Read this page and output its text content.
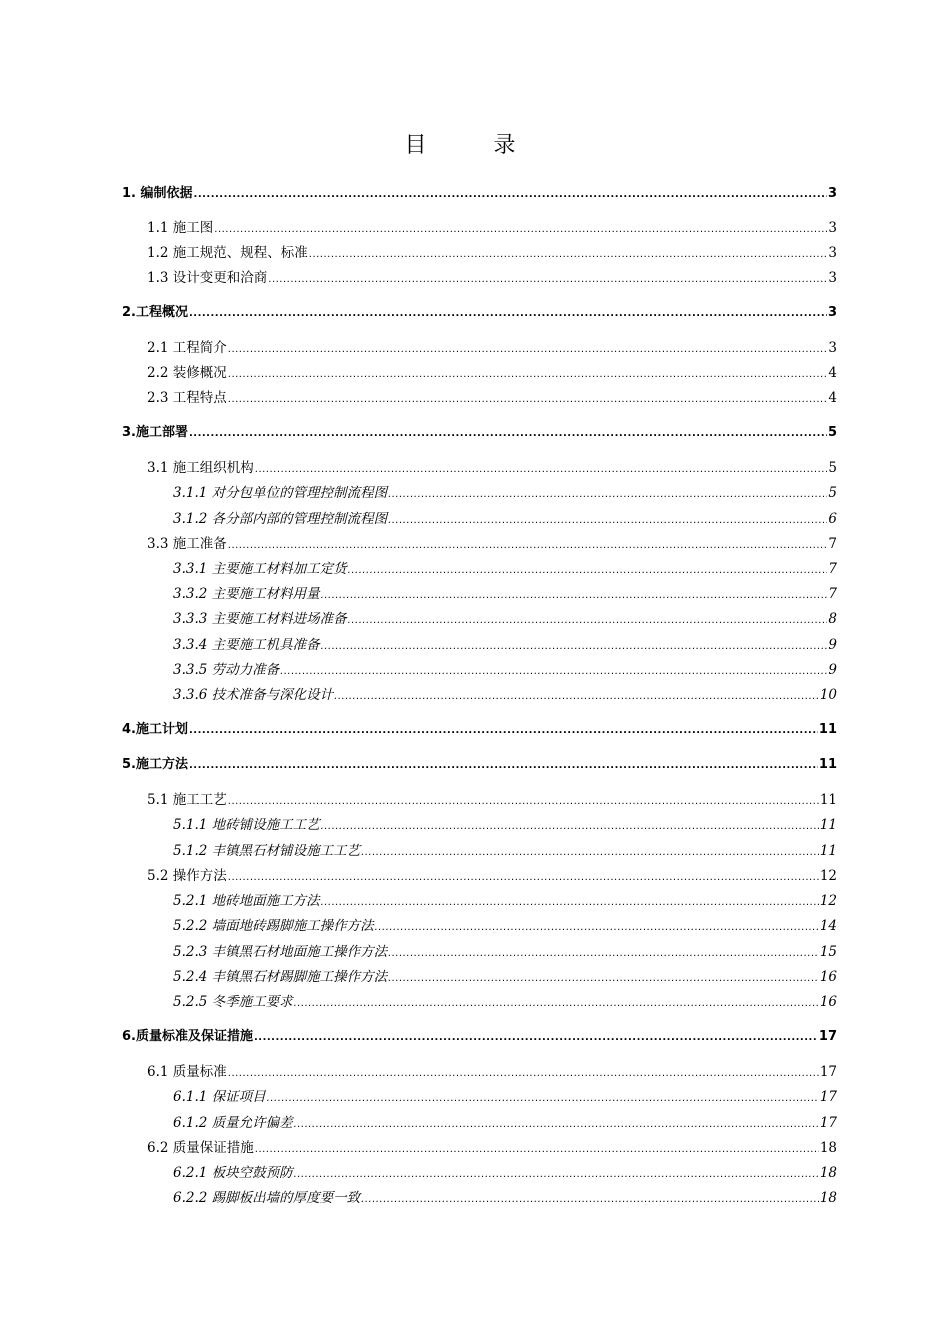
目 录
1. 编制依据 .....	3
1.1 施工图 .....	3
1.2 施工规范、规程、标准 .....	3
1.3 设计变更和洽商 .....	3
2.工程概况 .....	3
2.1 工程简介 .....	3
2.2 装修概况 .....	4
2.3 工程特点 .....	4
3.施工部署 .....	5
3.1 施工组织机构 .....	5
3.1.1 对分包单位的管理控制流程图 .....	5
3.1.2 各分部内部的管理控制流程图 .....	6
3.3 施工准备 .....	7
3.3.1 主要施工材料加工定货 .....	7
3.3.2 主要施工材料用量 .....	7
3.3.3 主要施工材料进场准备 .....	8
3.3.4 主要施工机具准备 .....	9
3.3.5 劳动力准备 .....	9
3.3.6 技术准备与深化设计 .....	10
4.施工计划 .....	11
5.施工方法 .....	11
5.1 施工工艺 .....	11
5.1.1 地砖铺设施工工艺 .....	11
5.1.2 丰镇黑石材铺设施工工艺 .....	11
5.2 操作方法 .....	12
5.2.1 地砖地面施工方法 .....	12
5.2.2 墙面地砖踢脚施工操作方法 .....	14
5.2.3 丰镇黑石材地面施工操作方法 .....	15
5.2.4 丰镇黑石材踢脚施工操作方法 .....	16
5.2.5 冬季施工要求 .....	16
6.质量标准及保证措施 .....	17
6.1 质量标准 .....	17
6.1.1 保证项目 .....	17
6.1.2 质量允许偏差 .....	17
6.2 质量保证措施 .....	18
6.2.1 板块空鼓预防 .....	18
6.2.2 踢脚板出墙的厚度要一致 .....	18
